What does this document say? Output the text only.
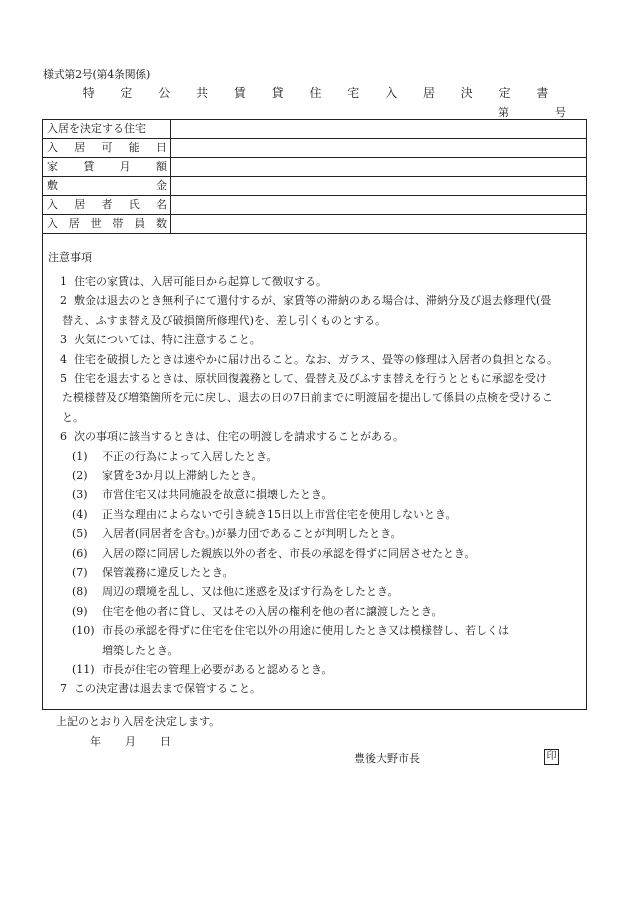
様式第2号(第4条関係)
特 定 公 共 賃 貸 住 宅 入 居 決 定 書
第	号
入居を決定する住宅
入 居 可 能 日
家 賃 月 額
敷	金
入 居 者 氏 名
入 居 世 帯 員 数
注意事項
1 住宅の家賃は、入居可能日から起算して徴収する。
2 敷金は退去のとき無利子にて還付するが、家賃等の滞納のある場合は、滞納分及び退去修理代(畳
替え、ふすま替え及び破損箇所修理代)を、差し引くものとする。
3 火気については、特に注意すること。
4 住宅を破損したときは速やかに届け出ること。なお、ガラス、畳等の修理は入居者の負担となる。
5 住宅を退去するときは、原状回復義務として、畳替え及びふすま替えを行うとともに承認を受け
た模様替及び増築箇所を元に戻し、退去の日の7日前までに明渡届を提出して係員の点検を受けるこ
と。
6 次の事項に該当するときは、住宅の明渡しを請求することがある。
(1) 不正の行為によって入居したとき。
(2) 家賃を3か月以上滞納したとき。
(3) 市営住宅又は共同施設を故意に損壊したとき。
(4) 正当な理由によらないで引き続き15日以上市営住宅を使用しないとき。
(5) 入居者(同居者を含む。)が暴力団であることが判明したとき。
(6) 入居の際に同居した親族以外の者を、市長の承認を得ずに同居させたとき。
(7) 保管義務に違反したとき。
(8) 周辺の環境を乱し、又は他に迷惑を及ぼす行為をしたとき。
(9) 住宅を他の者に貸し、又はその入居の権利を他の者に譲渡したとき。
(10) 市長の承認を得ずに住宅を住宅以外の用途に使用したとき又は模様替し、若しくは
増築したとき。
(11) 市長が住宅の管理上必要があると認めるとき。
7 この決定書は退去まで保管すること。
上記のとおり入居を決定します。
年 月 日
豊後大野市長	印
